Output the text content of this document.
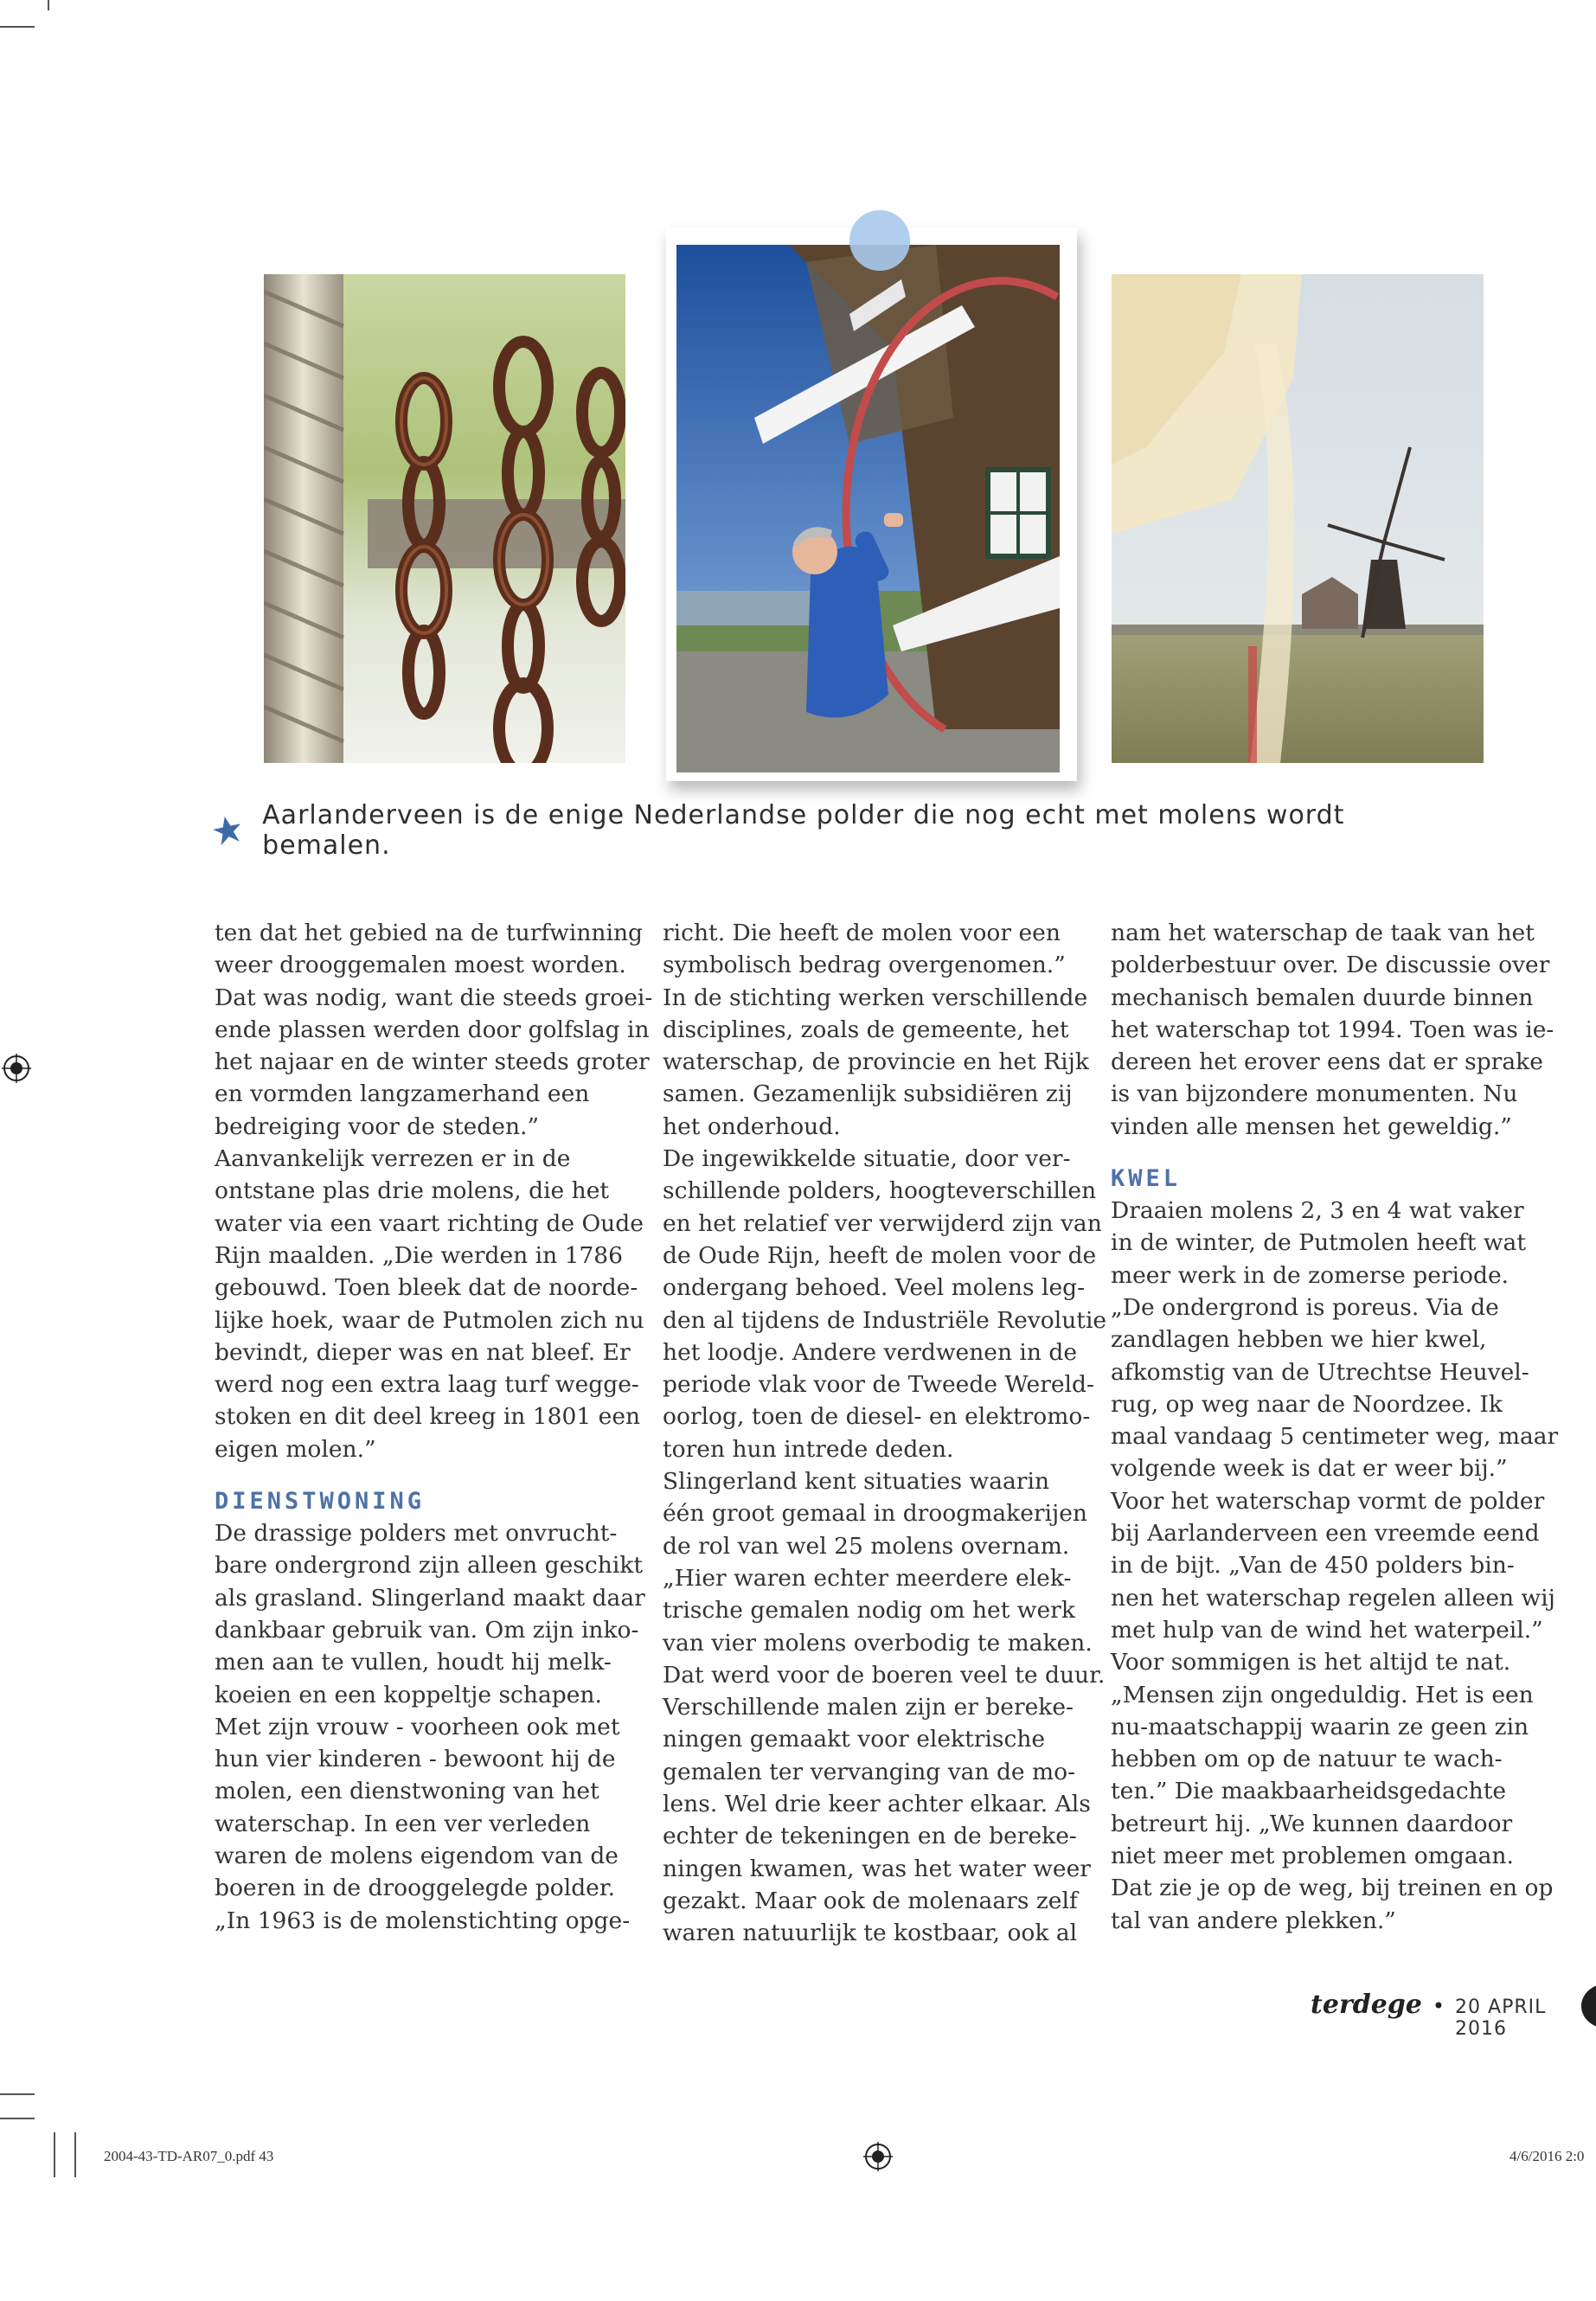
Aarlanderveen is de enige Nederlandse polder die nog echt met molens wordt bemalen.

ten dat het gebied na de turfwinning

weer drooggemalen moest worden.

Dat was nodig, want die steeds groei-

ende plassen werden door golfslag in

het najaar en de winter steeds groter

en vormden langzamerhand een

bedreiging voor de steden.”

Aanvankelijk verrezen er in de

ontstane plas drie molens, die het

water via een vaart richting de Oude

Rijn maalden. „Die werden in 1786

gebouwd. Toen bleek dat de noorde-

lijke hoek, waar de Putmolen zich nu

bevindt, dieper was en nat bleef. Er

werd nog een extra laag turf wegge-

stoken en dit deel kreeg in 1801 een

eigen molen.”

DIENSTWONING

De drassige polders met onvrucht-

bare ondergrond zijn alleen geschikt

als grasland. Slingerland maakt daar

dankbaar gebruik van. Om zijn inko-

men aan te vullen, houdt hij melk-

koeien en een koppeltje schapen.

Met zijn vrouw - voorheen ook met

hun vier kinderen - bewoont hij de

molen, een dienstwoning van het

waterschap. In een ver verleden

waren de molens eigendom van de

boeren in de drooggelegde polder.

„In 1963 is de molenstichting opge-

richt. Die heeft de molen voor een

symbolisch bedrag overgenomen.”

In de stichting werken verschillende

disciplines, zoals de gemeente, het

waterschap, de provincie en het Rijk

samen. Gezamenlijk subsidiëren zij

het onderhoud.

De ingewikkelde situatie, door ver-

schillende polders, hoogteverschillen

en het relatief ver verwijderd zijn van

de Oude Rijn, heeft de molen voor de

ondergang behoed. Veel molens leg-

den al tijdens de Industriële Revolutie

het loodje. Andere verdwenen in de

periode vlak voor de Tweede Wereld-

oorlog, toen de diesel- en elektromo-

toren hun intrede deden.

Slingerland kent situaties waarin

één groot gemaal in droogmakerijen

de rol van wel 25 molens overnam.

„Hier waren echter meerdere elek-

trische gemalen nodig om het werk

van vier molens overbodig te maken.

Dat werd voor de boeren veel te duur.

Verschillende malen zijn er bereke-

ningen gemaakt voor elektrische

gemalen ter vervanging van de mo-

lens. Wel drie keer achter elkaar. Als

echter de tekeningen en de bereke-

ningen kwamen, was het water weer

gezakt. Maar ook de molenaars zelf

waren natuurlijk te kostbaar, ook al

nam het waterschap de taak van het

polderbestuur over. De discussie over

mechanisch bemalen duurde binnen

het waterschap tot 1994. Toen was ie-

dereen het erover eens dat er sprake

is van bijzondere monumenten. Nu

vinden alle mensen het geweldig.”

KWEL

Draaien molens 2, 3 en 4 wat vaker

in de winter, de Putmolen heeft wat

meer werk in de zomerse periode.

„De ondergrond is poreus. Via de

zandlagen hebben we hier kwel,

afkomstig van de Utrechtse Heuvel-

rug, op weg naar de Noordzee. Ik

maal vandaag 5 centimeter weg, maar

volgende week is dat er weer bij.”

Voor het waterschap vormt de polder

bij Aarlanderveen een vreemde eend

in de bijt. „Van de 450 polders bin-

nen het waterschap regelen alleen wij

met hulp van de wind het waterpeil.”

Voor sommigen is het altijd te nat.

„Mensen zijn ongeduldig. Het is een

nu-maatschappij waarin ze geen zin

hebben om op de natuur te wach-

ten.” Die maakbaarheidsgedachte

betreurt hij. „We kunnen daardoor

niet meer met problemen omgaan.

Dat zie je op de weg, bij treinen en op

tal van andere plekken.”

terdege • 20 APRIL 2016
2004-43-TD-AR07_0.pdf 43	4/6/2016 2:0
